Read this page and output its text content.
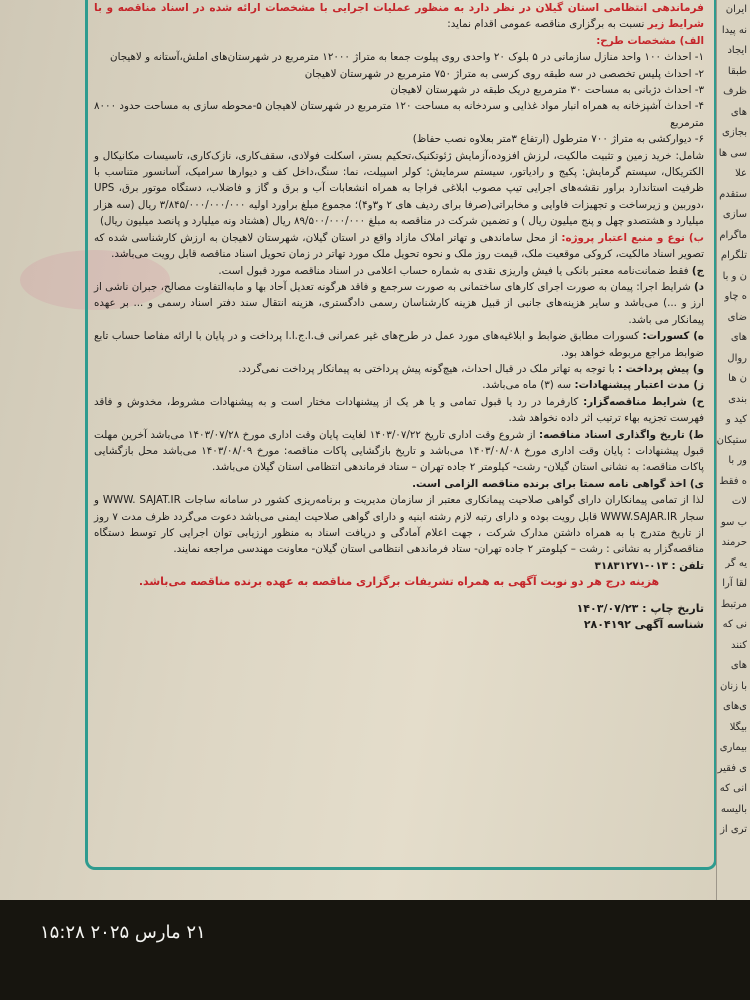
فرماندهی انتظامی استان گیلان در نظر دارد به منظور عملیات اجرایی با مشخصات ارائه شده در اسناد مناقصه و با شرایط زیر نسبت به برگزاری مناقصه عمومی اقدام نماید:

الف) مشخصات طرح:

۱- احداث ۱۰۰ واحد منازل سازمانی در ۵ بلوک ۲۰ واحدی روی پیلوت جمعا به متراژ ۱۲۰۰۰ مترمربع در شهرستان‌های املش،آستانه و لاهیجان

۲- احداث پلیس تخصصی در سه طبقه روی کرسی به متراژ ۷۵۰ مترمربع در شهرستان لاهیجان

۳- احداث دژبانی به مساحت ۳۰ مترمربع دریک طبقه در شهرستان لاهیجان

۴- احداث آشپزخانه به همراه انبار مواد غذایی و سردخانه به مساحت ۱۲۰ مترمربع در شهرستان لاهیجان ۵-محوطه سازی به مساحت حدود ۸۰۰۰ مترمربع

۶- دیوارکشی به متراژ ۷۰۰ مترطول (ارتفاع ۳متر بعلاوه نصب حفاظ)

شامل: خرید زمین و تثبیت مالکیت، لرزش افزوده،آزمایش ژئوتکنیک،تحکیم بستر، اسکلت فولادی، سقف‌کاری، نازک‌کاری، تاسیسات مکانیکال و الکتریکال، سیستم گرمایش: پکیج و رادیاتور، سیستم سرمایش: کولر اسپیلت، نما: سنگ،داخل کف و دیوارها سرامیک، آسانسور متناسب با ظرفیت استاندارد براور نقشه‌های اجرایی تیپ مصوب ابلاغی فراجا به همراه انشعابات آب و برق و گاز و فاضلاب، دستگاه موتور برق، UPS ،دوربین و زیرساخت و تجهیزات فاوایی و مخابراتی(صرفا برای ردیف های ۲ و۳و۴)؛ مجموع مبلغ براورد اولیه ۳/۸۴۵/۰۰۰/۰۰۰/۰۰۰ ریال (سه هزار میلیارد و هشتصدو چهل و پنج میلیون ریال ) و تضمین شرکت در مناقصه به مبلغ ۸۹/۵۰۰/۰۰۰/۰۰۰ ریال (هشتاد ونه میلیارد و پانصد میلیون ریال)

ب) نوع و منبع اعتبار پروژه: از محل ساماندهی و تهاتر املاک مازاد واقع در استان گیلان، شهرستان لاهیجان به ارزش کارشناسی شده که تصویر اسناد مالکیت، کروکی موقعیت ملک، قیمت روز ملک و نحوه تحویل ملک مورد تهاتر در زمان تحویل اسناد مناقصه قابل رویت می‌باشد.

ج) فقط ضمانت‌نامه معتبر بانکی یا فیش واریزی نقدی به شماره حساب اعلامی در اسناد مناقصه مورد قبول است.

د) شرایط اجرا: پیمان به صورت اجرای کارهای ساختمانی به صورت سرجمع و فاقد هرگونه تعدیل آحاد بها و مابه‌التفاوت مصالح، جبران ناشی از ارز و ...) می‌باشد و سایر هزینه‌های جانبی از قبیل هزینه کارشناسان رسمی دادگستری، هزینه انتقال سند دفتر اسناد رسمی و ... بر عهده پیمانکار می باشد.

ه) کسورات: کسورات مطابق ضوابط و ابلاغیه‌های مورد عمل در طرح‌های غیر عمرانی ف.ا.ج.ا.ا پرداخت و در پایان با ارائه مفاصا حساب تابع ضوابط مراجع مربوطه خواهد بود.

و) پیش پرداخت : با توجه به تهاتر ملک در قبال احداث، هیچ‌گونه پیش پرداختی به پیمانکار پرداخت نمی‌گردد.

ز) مدت اعتبار پیشنهادات: سه (۳) ماه می‌باشد.

ح) شرایط مناقصه‌گزار: کارفرما در رد یا قبول تمامی و یا هر یک از پیشنهادات مختار است و به پیشنهادات مشروط، مخدوش و فاقد فهرست تجزیه بهاء ترتیب اثر داده نخواهد شد.

ط) تاریخ واگذاری اسناد مناقصه: از شروع وقت اداری تاریخ ۱۴۰۳/۰۷/۲۲ لغایت پایان وقت اداری مورخ ۱۴۰۳/۰۷/۲۸ می‌باشد آخرین مهلت قبول پیشنهادات : پایان وقت اداری مورخ ۱۴۰۳/۰۸/۰۸ می‌باشد و تاریخ بازگشایی پاکات مناقصه: مورخ ۱۴۰۳/۰۸/۰۹ می‌باشد محل بازگشایی پاکات مناقصه: به نشانی استان گیلان- رشت- کیلومتر ۲ جاده تهران – ستاد فرماندهی انتظامی استان گیلان می‌باشد.

ی) اخذ گواهی نامه سمتا برای برنده مناقصه الزامی است.

لذا از تمامی پیمانکاران دارای گواهی صلاحیت پیمانکاری معتبر از سازمان مدیریت و برنامه‌ریزی کشور در سامانه ساجات WWW. SAJAT.IR و سجار WWW.SAJAR.IR قابل رویت بوده و دارای رتبه لازم رشته ابنیه و دارای گواهی صلاحیت ایمنی می‌باشد دعوت می‌گردد ظرف مدت ۷ روز از تاریخ متدرج با به همراه داشتن مدارک شرکت ، جهت اعلام آمادگی و دریافت اسناد به منظور ارزیابی توان اجرایی کار توسط دستگاه مناقصه‌گزار به نشانی : رشت – کیلومتر ۲ جاده تهران- ستاد فرماندهی انتظامی استان گیلان- معاونت مهندسی مراجعه نمایند.

تلفن : ۰۱۳-۳۱۸۳۱۲۷۱

هزینه درج هر دو نوبت آگهی به همراه تشریفات برگزاری مناقصه به عهده برنده مناقصه می‌باشد.

تاریخ چاپ : ۱۴۰۳/۰۷/۲۳
شناسه آگهی ۲۸۰۴۱۹۲
ایران
نه پیدا
ایجاد
طبقا
ظرف
های
بجازی
سی ها
علا
ستقدم
سازی
ماگرام
تلگرام
ن و با
ه چاو
ضای
های
روال
ن ها
بندی
کید و
ستیکان
ور با
ه فقط
لات
ب سو
حرمند
یه گر
لقا آرا
مرتبط
نی که
کنند
های
با زنان
ی‌های
بیگلا
بیماری
ی فقیر
انی که
بالیسه
تری از
۲۱ مارس ۲۰۲۵ ۱۵:۲۸
